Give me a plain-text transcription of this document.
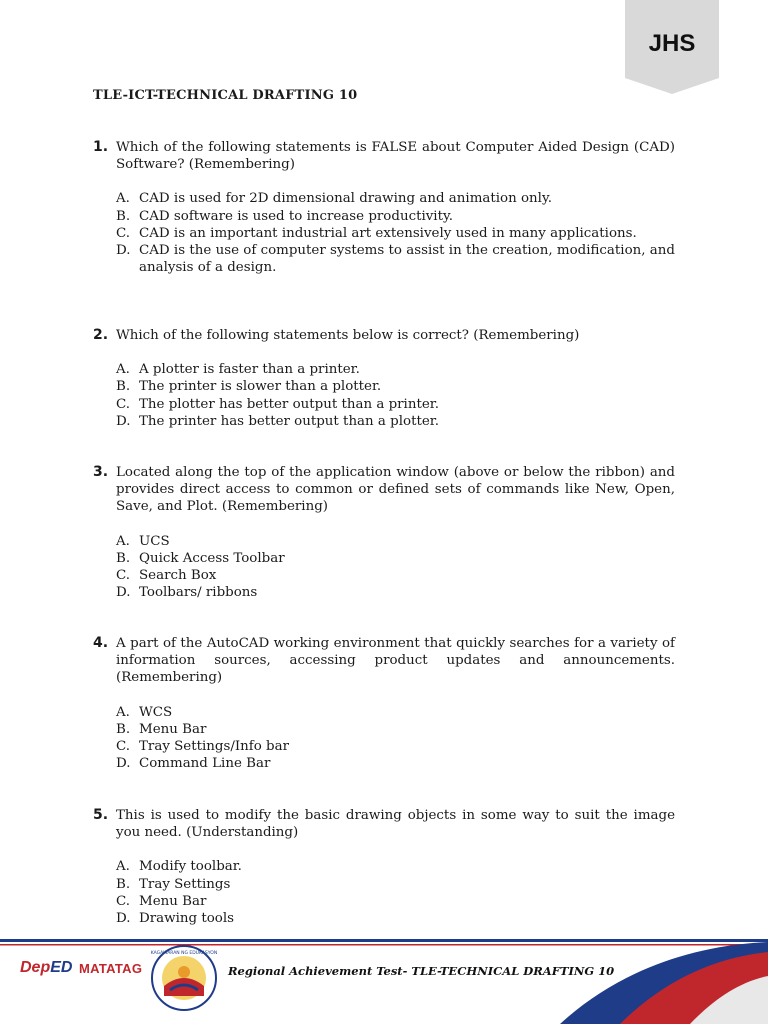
JHS
TLE-ICT-TECHNICAL DRAFTING 10
1. Which of the following statements is FALSE about Computer Aided Design (CAD) Software? (Remembering)
A. CAD is used for 2D dimensional drawing and animation only.
B. CAD software is used to increase productivity.
C. CAD is an important industrial art extensively used in many applications.
D. CAD is the use of computer systems to assist in the creation, modification, and analysis of a design.
2. Which of the following statements below is correct? (Remembering)
A. A plotter is faster than a printer.
B. The printer is slower than a plotter.
C. The plotter has better output than a printer.
D. The printer has better output than a plotter.
3. Located along the top of the application window (above or below the ribbon) and provides direct access to common or defined sets of commands like New, Open, Save, and Plot. (Remembering)
A. UCS
B. Quick Access Toolbar
C. Search Box
D. Toolbars/ ribbons
4. A part of the AutoCAD working environment that quickly searches for a variety of information sources, accessing product updates and announcements. (Remembering)
A. WCS
B. Menu Bar
C. Tray Settings/Info bar
D. Command Line Bar
5. This is used to modify the basic drawing objects in some way to suit the image you need. (Understanding)
A. Modify toolbar.
B. Tray Settings
C. Menu Bar
D. Drawing tools
DepED MATATAG
KAGAWARAN NG EDUKASYON
Regional Achievement Test- TLE-TECHNICAL DRAFTING 10
